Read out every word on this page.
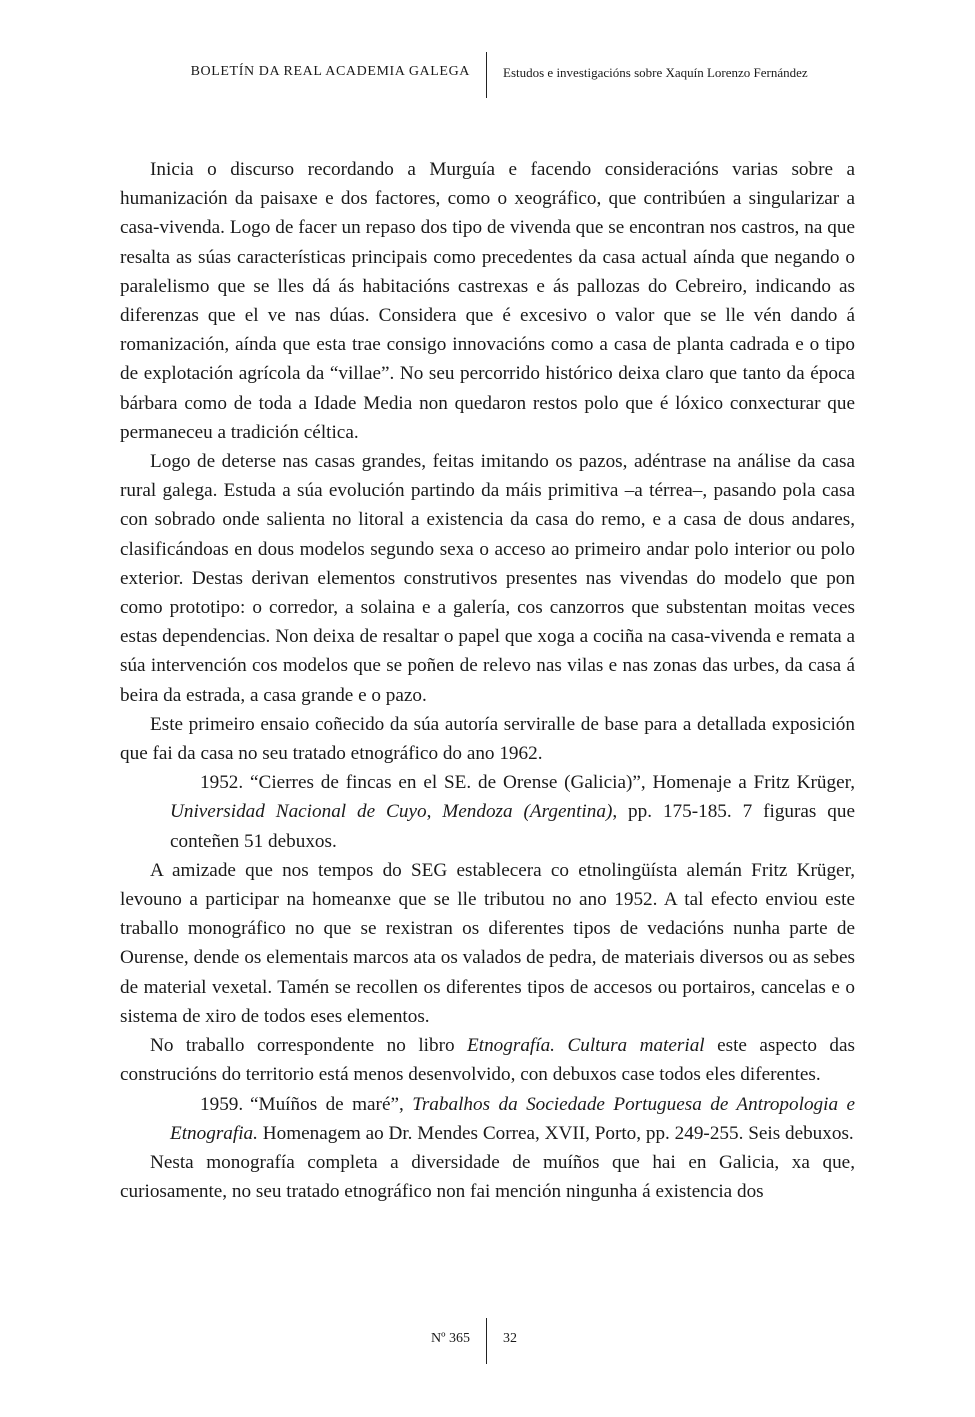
BOLETÍN DA REAL ACADEMIA GALEGA	Estudos e investigacións sobre Xaquín Lorenzo Fernández

Inicia o discurso recordando a Murguía e facendo consideracións varias sobre a humanización da paisaxe e dos factores, como o xeográfico, que contribúen a singularizar a casa-vivenda. Logo de facer un repaso dos tipo de vivenda que se encontran nos castros, na que resalta as súas características principais como precedentes da casa actual aínda que negando o paralelismo que se lles dá ás habitacións castrexas e ás pallozas do Cebreiro, indicando as diferenzas que el ve nas dúas. Considera que é excesivo o valor que se lle vén dando á romanización, aínda que esta trae consigo innovacións como a casa de planta cadrada e o tipo de explotación agrícola da “villae”. No seu percorrido histórico deixa claro que tanto da época bárbara como de toda a Idade Media non quedaron restos polo que é lóxico conxecturar que permaneceu a tradición céltica.

Logo de deterse nas casas grandes, feitas imitando os pazos, adéntrase na análise da casa rural galega. Estuda a súa evolución partindo da máis primitiva –a térrea–, pasando pola casa con sobrado onde salienta no litoral a existencia da casa do remo, e a casa de dous andares, clasificándoas en dous modelos segundo sexa o acceso ao primeiro andar polo interior ou polo exterior. Destas derivan elementos construtivos presentes nas vivendas do modelo que pon como prototipo: o corredor, a solaina e a galería, cos canzorros que substentan moitas veces estas dependencias. Non deixa de resaltar o papel que xoga a cociña na casa-vivenda e remata a súa intervención cos modelos que se poñen de relevo nas vilas e nas zonas das urbes, da casa á beira da estrada, a casa grande e o pazo.

Este primeiro ensaio coñecido da súa autoría serviralle de base para a detallada exposición que fai da casa no seu tratado etnográfico do ano 1962.

1952. “Cierres de fincas en el SE. de Orense (Galicia)”, Homenaje a Fritz Krüger, Universidad Nacional de Cuyo, Mendoza (Argentina), pp. 175-185. 7 figuras que conteñen 51 debuxos.

A amizade que nos tempos do SEG establecera co etnolingüísta alemán Fritz Krüger, levouno a participar na homeanxe que se lle tributou no ano 1952. A tal efecto enviou este traballo monográfico no que se rexistran os diferentes tipos de vedacións nunha parte de Ourense, dende os elementais marcos ata os valados de pedra, de materiais diversos ou as sebes de material vexetal. Tamén se recollen os diferentes tipos de accesos ou portairos, cancelas e o sistema de xiro de todos eses elementos.

No traballo correspondente no libro Etnografía. Cultura material este aspecto das construcións do territorio está menos desenvolvido, con debuxos case todos eles diferentes.

1959. “Muíños de maré”, Trabalhos da Sociedade Portuguesa de Antropologia e Etnografia. Homenagem ao Dr. Mendes Correa, XVII, Porto, pp. 249-255. Seis debuxos.

Nesta monografía completa a diversidade de muíños que hai en Galicia, xa que, curiosamente, no seu tratado etnográfico non fai mención ningunha á existencia dos

Nº 365 32
